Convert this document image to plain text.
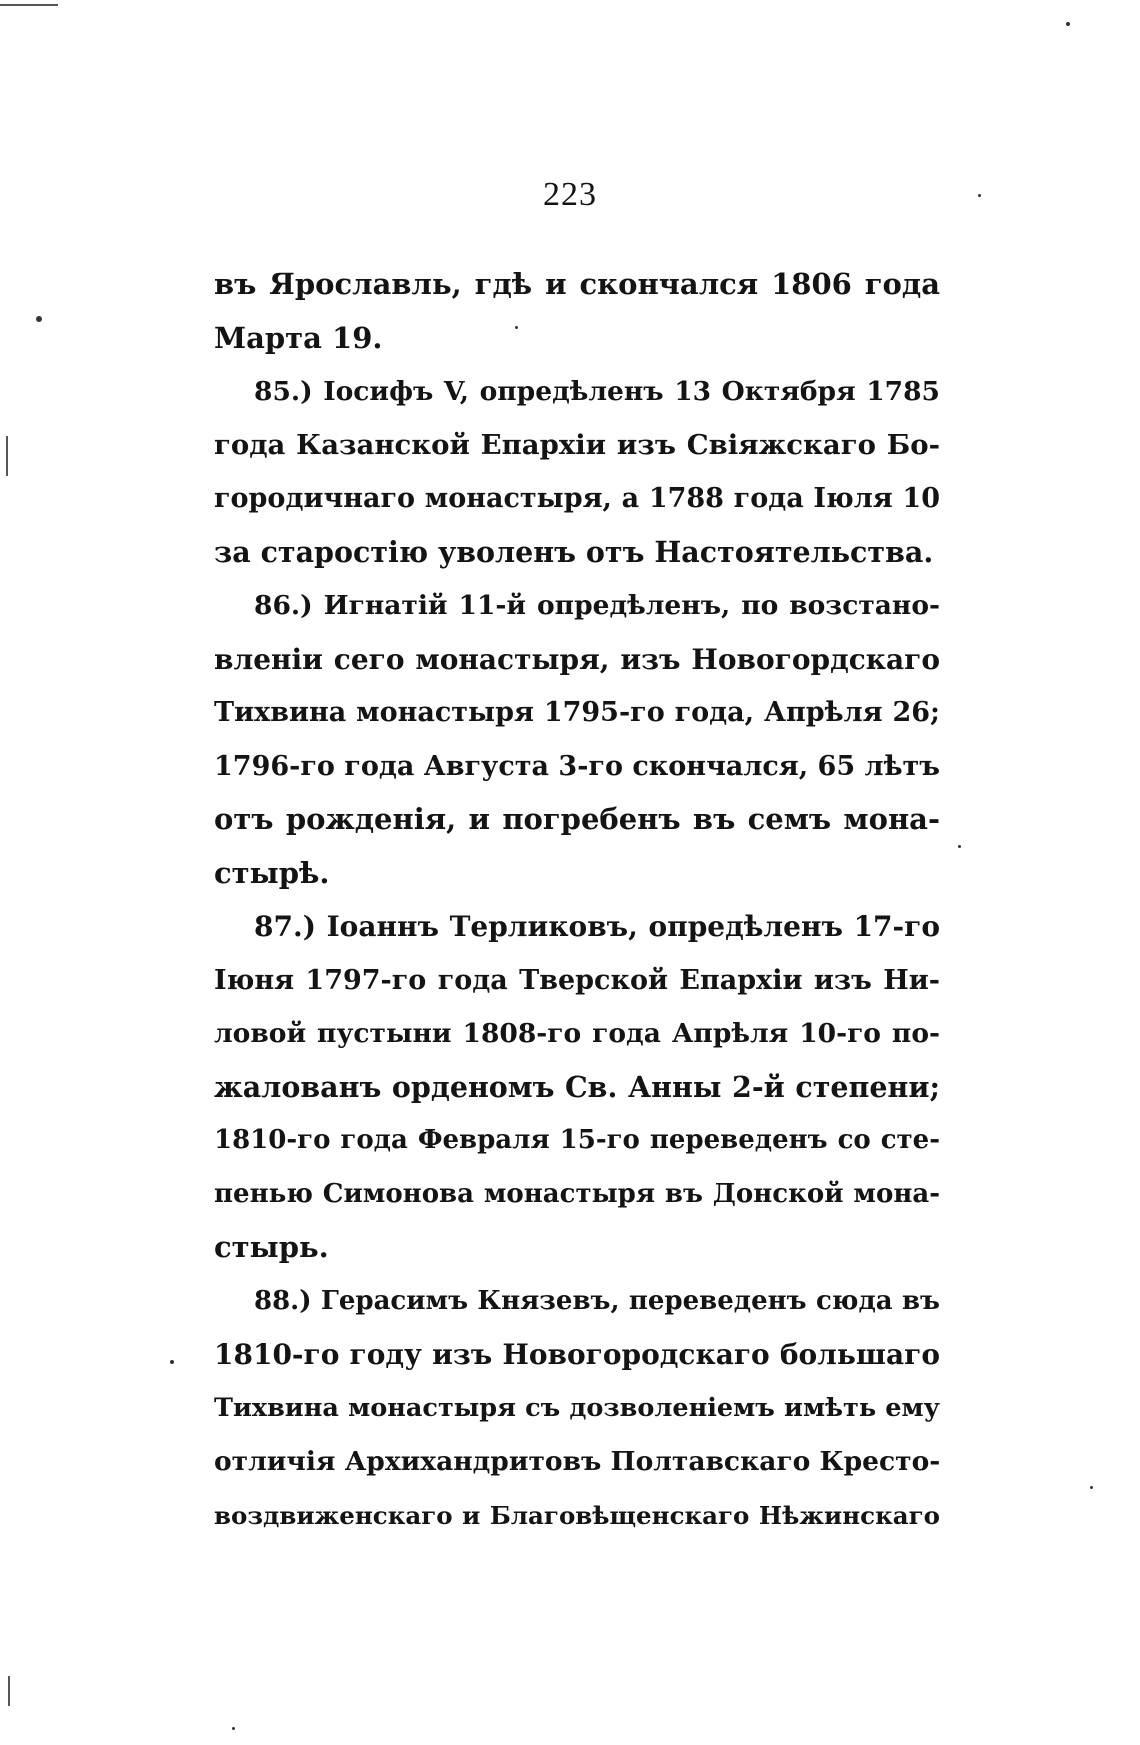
223
въ Ярославль, гдѣ и скончался 1806 года
Марта 19.
85.) Іосифъ V, опредѣленъ 13 Октября 1785
года Казанской Епархіи изъ Свіяжскаго Бо-
городичнаго монастыря, а 1788 года Іюля 10
за старостію уволенъ отъ Настоятельства.
86.) Игнатій 11-й опредѣленъ, по возстано-
вленіи сего монастыря, изъ Новогордскаго
Тихвина монастыря 1795-го года, Апрѣля 26;
1796-го года Августа 3-го скончался, 65 лѣтъ
отъ рожденія, и погребенъ въ семъ мона-
стырѣ.
87.) Іоаннъ Терликовъ, опредѣленъ 17-го
Іюня 1797-го года Тверской Епархіи изъ Ни-
ловой пустыни 1808-го года Апрѣля 10-го по-
жалованъ орденомъ Св. Анны 2-й степени;
1810-го года Февраля 15-го переведенъ со сте-
пенью Симонова монастыря въ Донской мона-
стырь.
88.) Герасимъ Князевъ, переведенъ сюда въ
1810-го году изъ Новогородскаго большаго
Тихвина монастыря съ дозволеніемъ имѣть ему
отличія Архихандритовъ Полтавскаго Кресто-
воздвиженскаго и Благовѣщенскаго Нѣжинскаго
